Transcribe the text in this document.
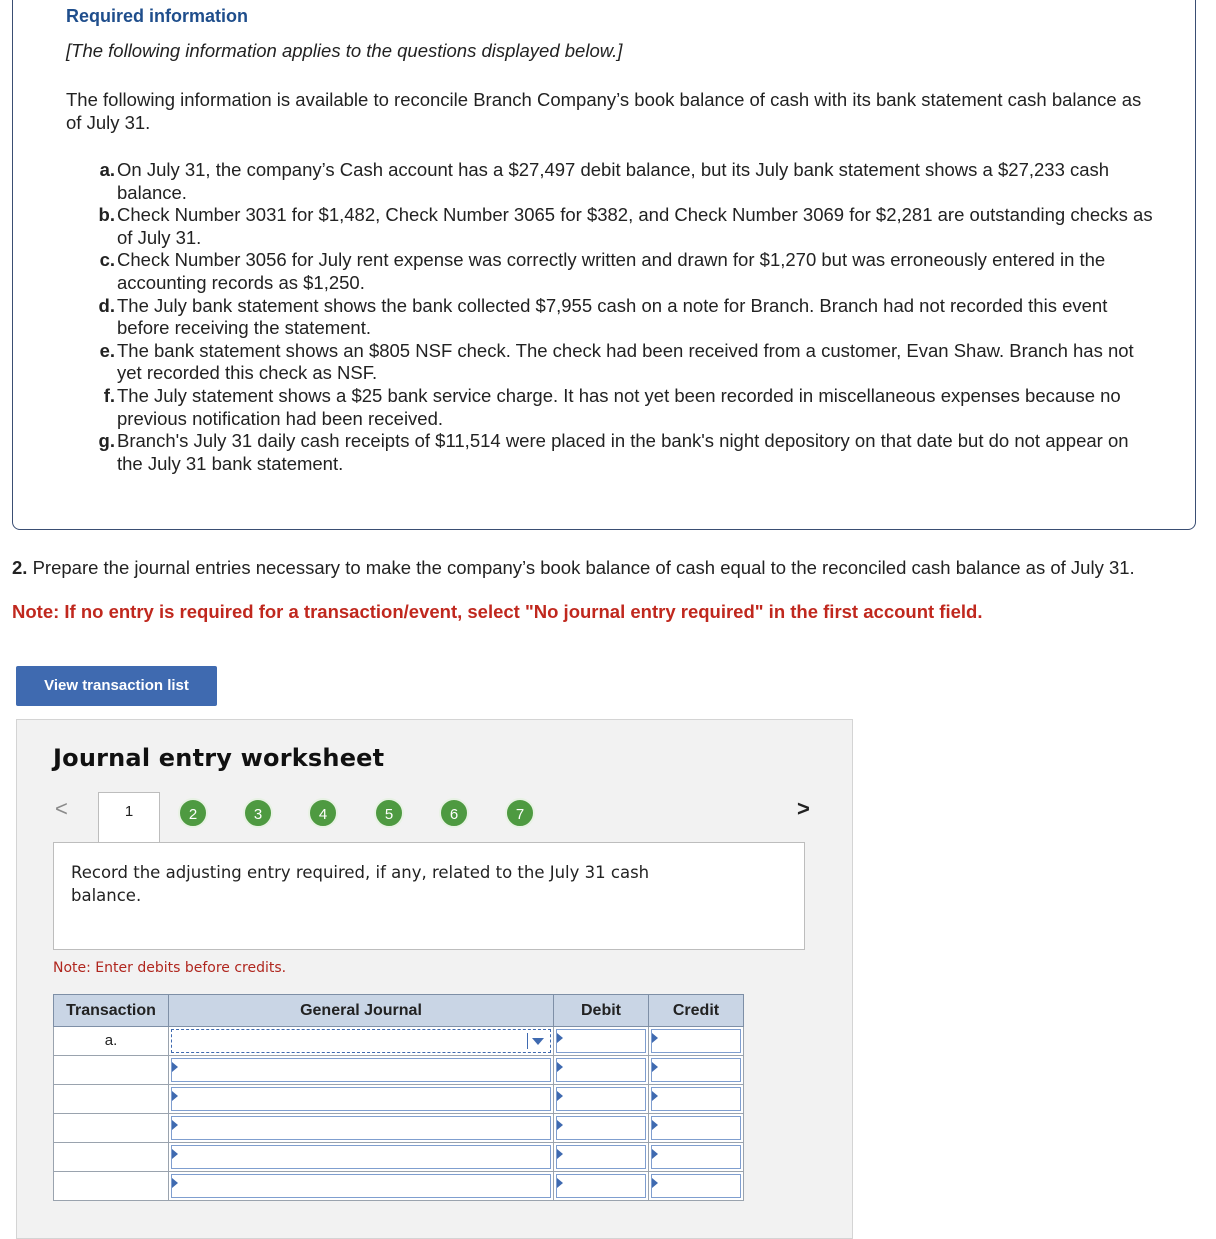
Required information
[The following information applies to the questions displayed below.]
The following information is available to reconcile Branch Company’s book balance of cash with its bank statement cash balance as of July 31.
a. On July 31, the company’s Cash account has a $27,497 debit balance, but its July bank statement shows a $27,233 cash balance.
b. Check Number 3031 for $1,482, Check Number 3065 for $382, and Check Number 3069 for $2,281 are outstanding checks as of July 31.
c. Check Number 3056 for July rent expense was correctly written and drawn for $1,270 but was erroneously entered in the accounting records as $1,250.
d. The July bank statement shows the bank collected $7,955 cash on a note for Branch. Branch had not recorded this event before receiving the statement.
e. The bank statement shows an $805 NSF check. The check had been received from a customer, Evan Shaw. Branch has not yet recorded this check as NSF.
f. The July statement shows a $25 bank service charge. It has not yet been recorded in miscellaneous expenses because no previous notification had been received.
g. Branch's July 31 daily cash receipts of $11,514 were placed in the bank's night depository on that date but do not appear on the July 31 bank statement.
2. Prepare the journal entries necessary to make the company’s book balance of cash equal to the reconciled cash balance as of July 31.
Note: If no entry is required for a transaction/event, select "No journal entry required" in the first account field.
View transaction list
Journal entry worksheet
<	1	2	3	4	5	6	7	>
Record the adjusting entry required, if any, related to the July 31 cash balance.
Note: Enter debits before credits.
Transaction	General Journal	Debit	Credit
a.	
